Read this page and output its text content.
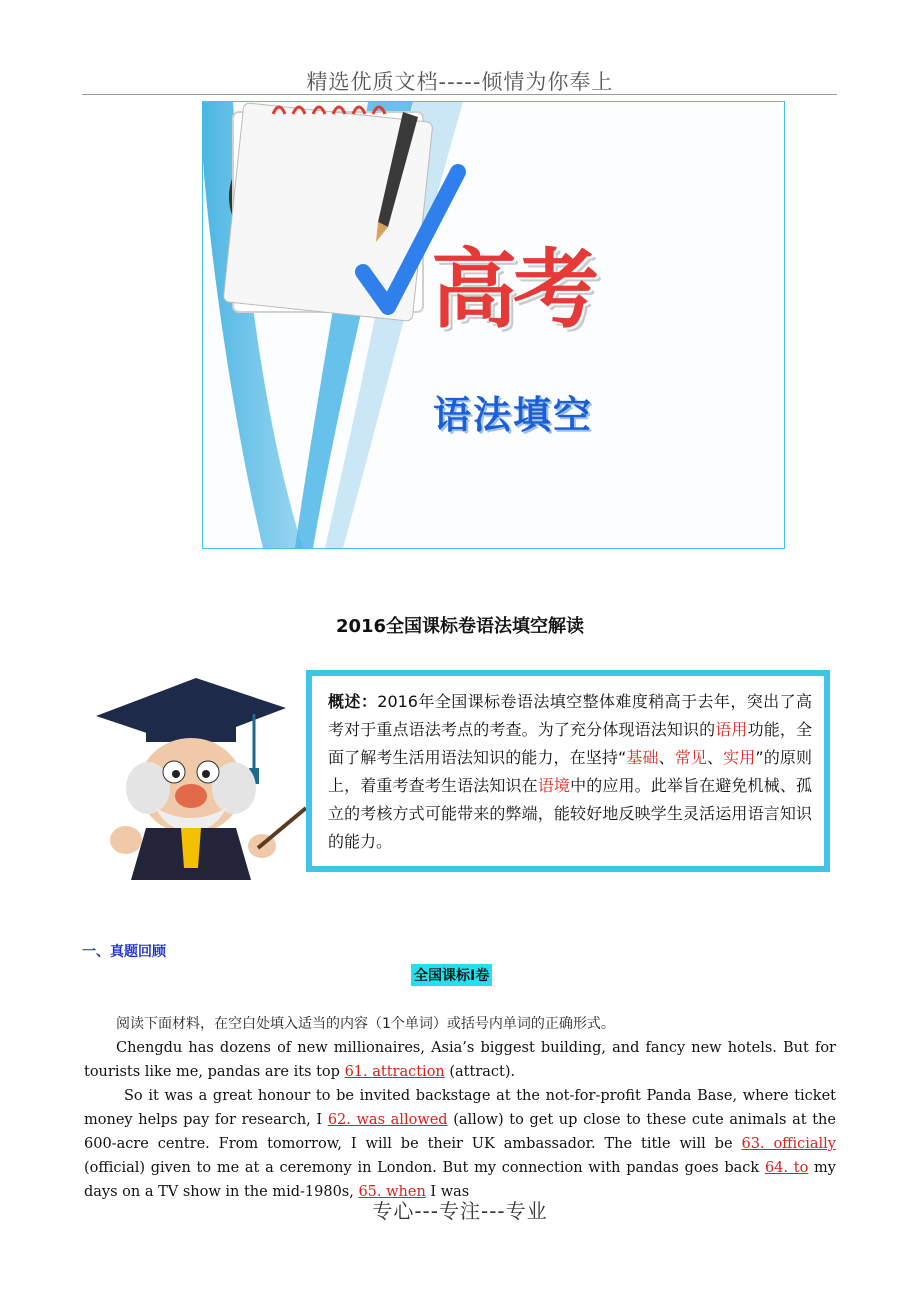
精选优质文档-----倾情为你奉上
高考
语法填空
2016全国课标卷语法填空解读
概述：2016年全国课标卷语法填空整体难度稍高于去年，突出了高考对于重点语法考点的考查。为了充分体现语法知识的语用功能，全面了解考生活用语法知识的能力，在坚持“基础、常见、实用”的原则上，着重考查考生语法知识在语境中的应用。此举旨在避免机械、孤立的考核方式可能带来的弊端，能较好地反映学生灵活运用语言知识的能力。
一、真题回顾
全国课标Ⅰ卷

阅读下面材料，在空白处填入适当的内容（1个单词）或括号内单词的正确形式。

Chengdu has dozens of new millionaires, Asia’s biggest building, and fancy new hotels. But for tourists like me, pandas are its top 61. attraction (attract).

So it was a great honour to be invited backstage at the not-for-profit Panda Base, where ticket money helps pay for research, I 62. was allowed (allow) to get up close to these cute animals at the 600-acre centre. From tomorrow, I will be their UK ambassador. The title will be 63. officially (official) given to me at a ceremony in London. But my connection with pandas goes back 64. to my days on a TV show in the mid-1980s, 65. when I was

专心---专注---专业
